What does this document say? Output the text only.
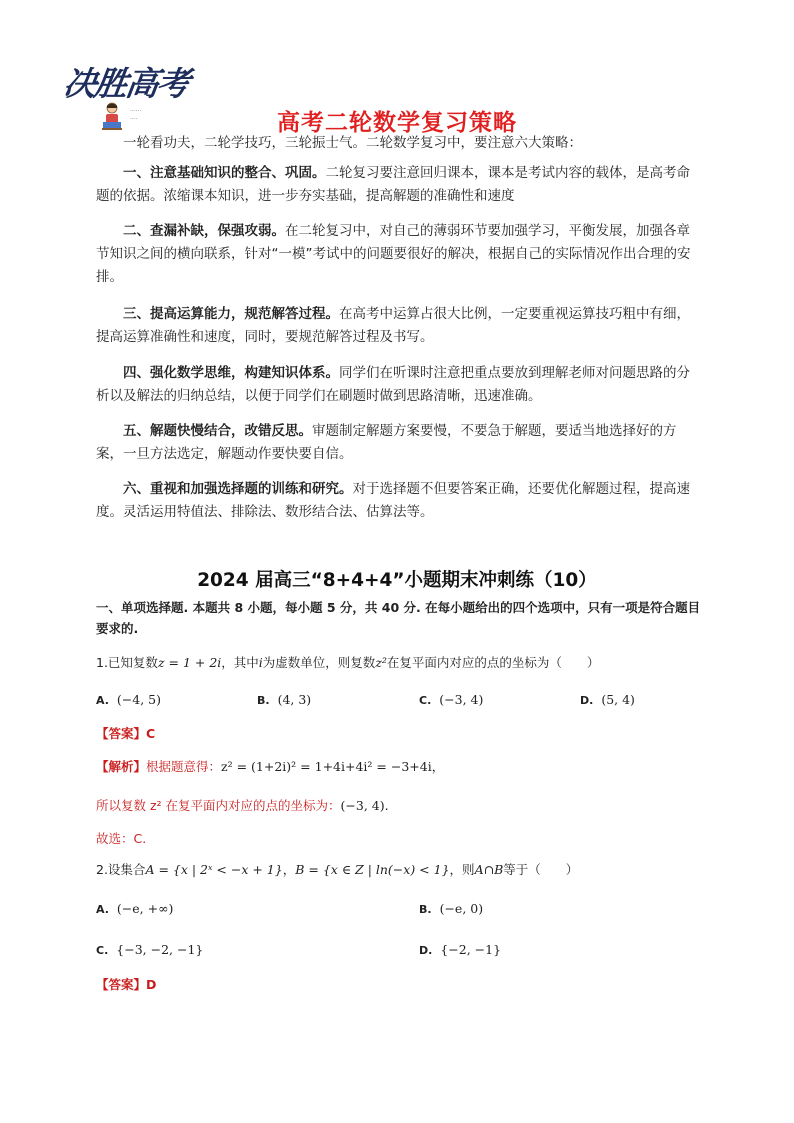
决胜高考
······
····	高考二轮数学复习策略
一轮看功夫，二轮学技巧，三轮振士气。二轮数学复习中，要注意六大策略：
一、注意基础知识的整合、巩固。二轮复习要注意回归课本，课本是考试内容的载体，是高考命题的依据。浓缩课本知识，进一步夯实基础，提高解题的准确性和速度
二、查漏补缺，保强攻弱。在二轮复习中，对自己的薄弱环节要加强学习，平衡发展，加强各章节知识之间的横向联系，针对“一模”考试中的问题要很好的解决，根据自己的实际情况作出合理的安排。
三、提高运算能力，规范解答过程。在高考中运算占很大比例，一定要重视运算技巧粗中有细，提高运算准确性和速度，同时，要规范解答过程及书写。
四、强化数学思维，构建知识体系。同学们在听课时注意把重点要放到理解老师对问题思路的分析以及解法的归纳总结，以便于同学们在刷题时做到思路清晰，迅速准确。
五、解题快慢结合，改错反思。审题制定解题方案要慢，不要急于解题，要适当地选择好的方案，一旦方法选定，解题动作要快要自信。
六、重视和加强选择题的训练和研究。对于选择题不但要答案正确，还要优化解题过程，提高速度。灵活运用特值法、排除法、数形结合法、估算法等。
2024 届高三“8+4+4”小题期末冲刺练（10）
一、单项选择题. 本题共 8 小题，每小题 5 分，共 40 分. 在每小题给出的四个选项中，只有一项是符合题目要求的.
1.已知复数z = 1 + 2i，其中i为虚数单位，则复数z²在复平面内对应的点的坐标为（　　）
A. (−4, 5)	B. (4, 3)	C. (−3, 4)	D. (5, 4)
【答案】C
【解析】根据题意得：z² = (1+2i)² = 1+4i+4i² = −3+4i，
所以复数 z² 在复平面内对应的点的坐标为：(−3, 4).
故选：C.
2.设集合A = {x | 2ˣ < −x + 1}，B = {x ∈ Z | ln(−x) < 1}，则A∩B等于（　　）
A. (−e, +∞)	B. (−e, 0)
C. {−3, −2, −1}	D. {−2, −1}
【答案】D
